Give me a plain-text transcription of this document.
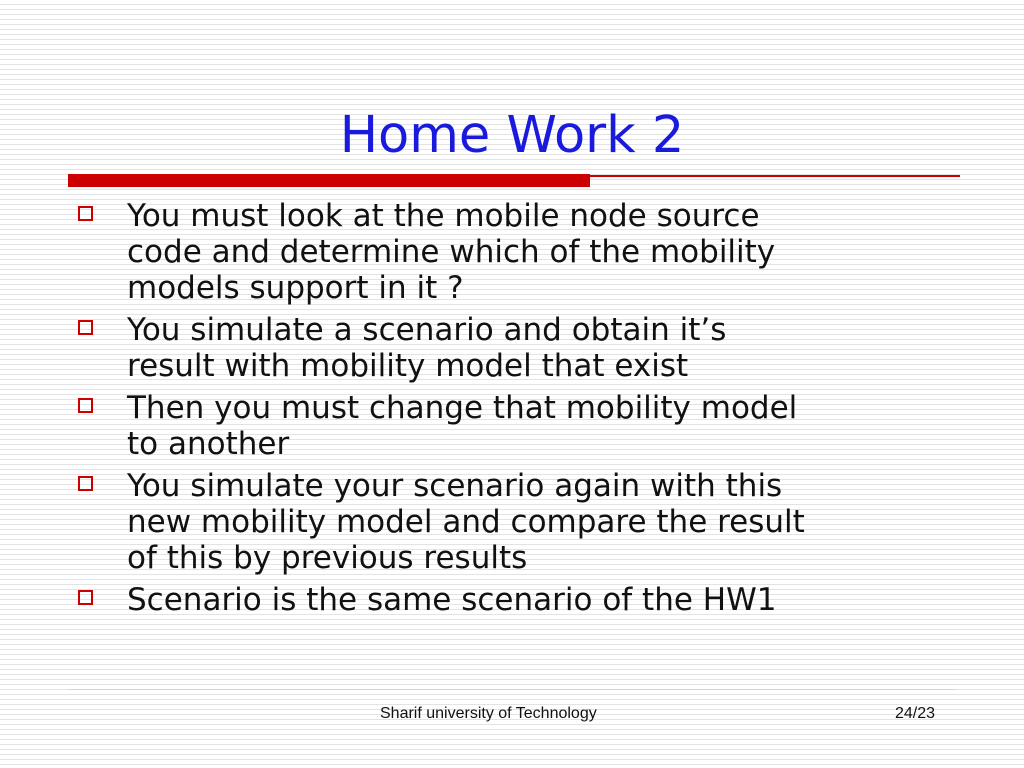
Home Work 2
You must look at the mobile node source
code and determine which of the mobility
models support in it ?
You simulate a scenario and obtain it’s
result with mobility model that exist
Then you must change that mobility model
to another
You simulate your scenario again with this
new mobility model and compare the result
of this by previous results
Scenario is the same scenario of the HW1
Sharif university of Technology	24/23
